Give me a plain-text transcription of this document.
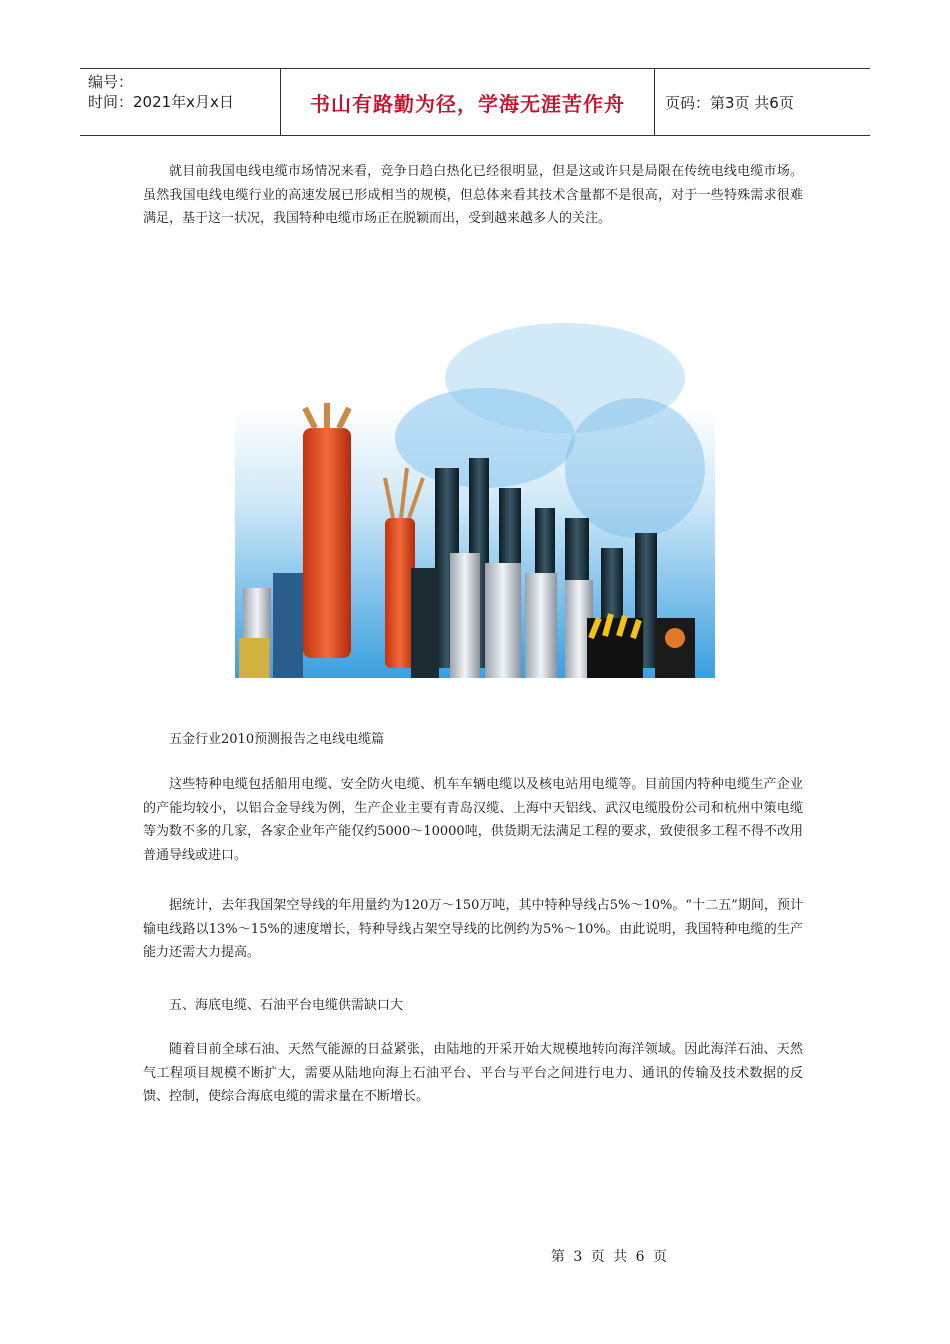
编号：
时间：2021年x月x日	书山有路勤为径，学海无涯苦作舟	页码：第3页 共6页

就目前我国电线电缆市场情况来看，竞争日趋白热化已经很明显，但是这或许只是局限在传统电线电缆市场。虽然我国电线电缆行业的高速发展已形成相当的规模，但总体来看其技术含量都不是很高，对于一些特殊需求很难满足，基于这一状况，我国特种电缆市场正在脱颖而出，受到越来越多人的关注。

五金行业2010预测报告之电线电缆篇

这些特种电缆包括船用电缆、安全防火电缆、机车车辆电缆以及核电站用电缆等。目前国内特种电缆生产企业的产能均较小，以铝合金导线为例，生产企业主要有青岛汉缆、上海中天铝线、武汉电缆股份公司和杭州中策电缆等为数不多的几家，各家企业年产能仅约5000～10000吨，供货期无法满足工程的要求，致使很多工程不得不改用普通导线或进口。

据统计，去年我国架空导线的年用量约为120万～150万吨，其中特种导线占5%～10%。“十二五”期间，预计输电线路以13%～15%的速度增长，特种导线占架空导线的比例约为5%～10%。由此说明，我国特种电缆的生产能力还需大力提高。

五、海底电缆、石油平台电缆供需缺口大

随着目前全球石油、天然气能源的日益紧张，由陆地的开采开始大规模地转向海洋领域。因此海洋石油、天然气工程项目规模不断扩大，需要从陆地向海上石油平台、平台与平台之间进行电力、通讯的传输及技术数据的反馈、控制，使综合海底电缆的需求量在不断增长。

第 3 页 共 6 页
